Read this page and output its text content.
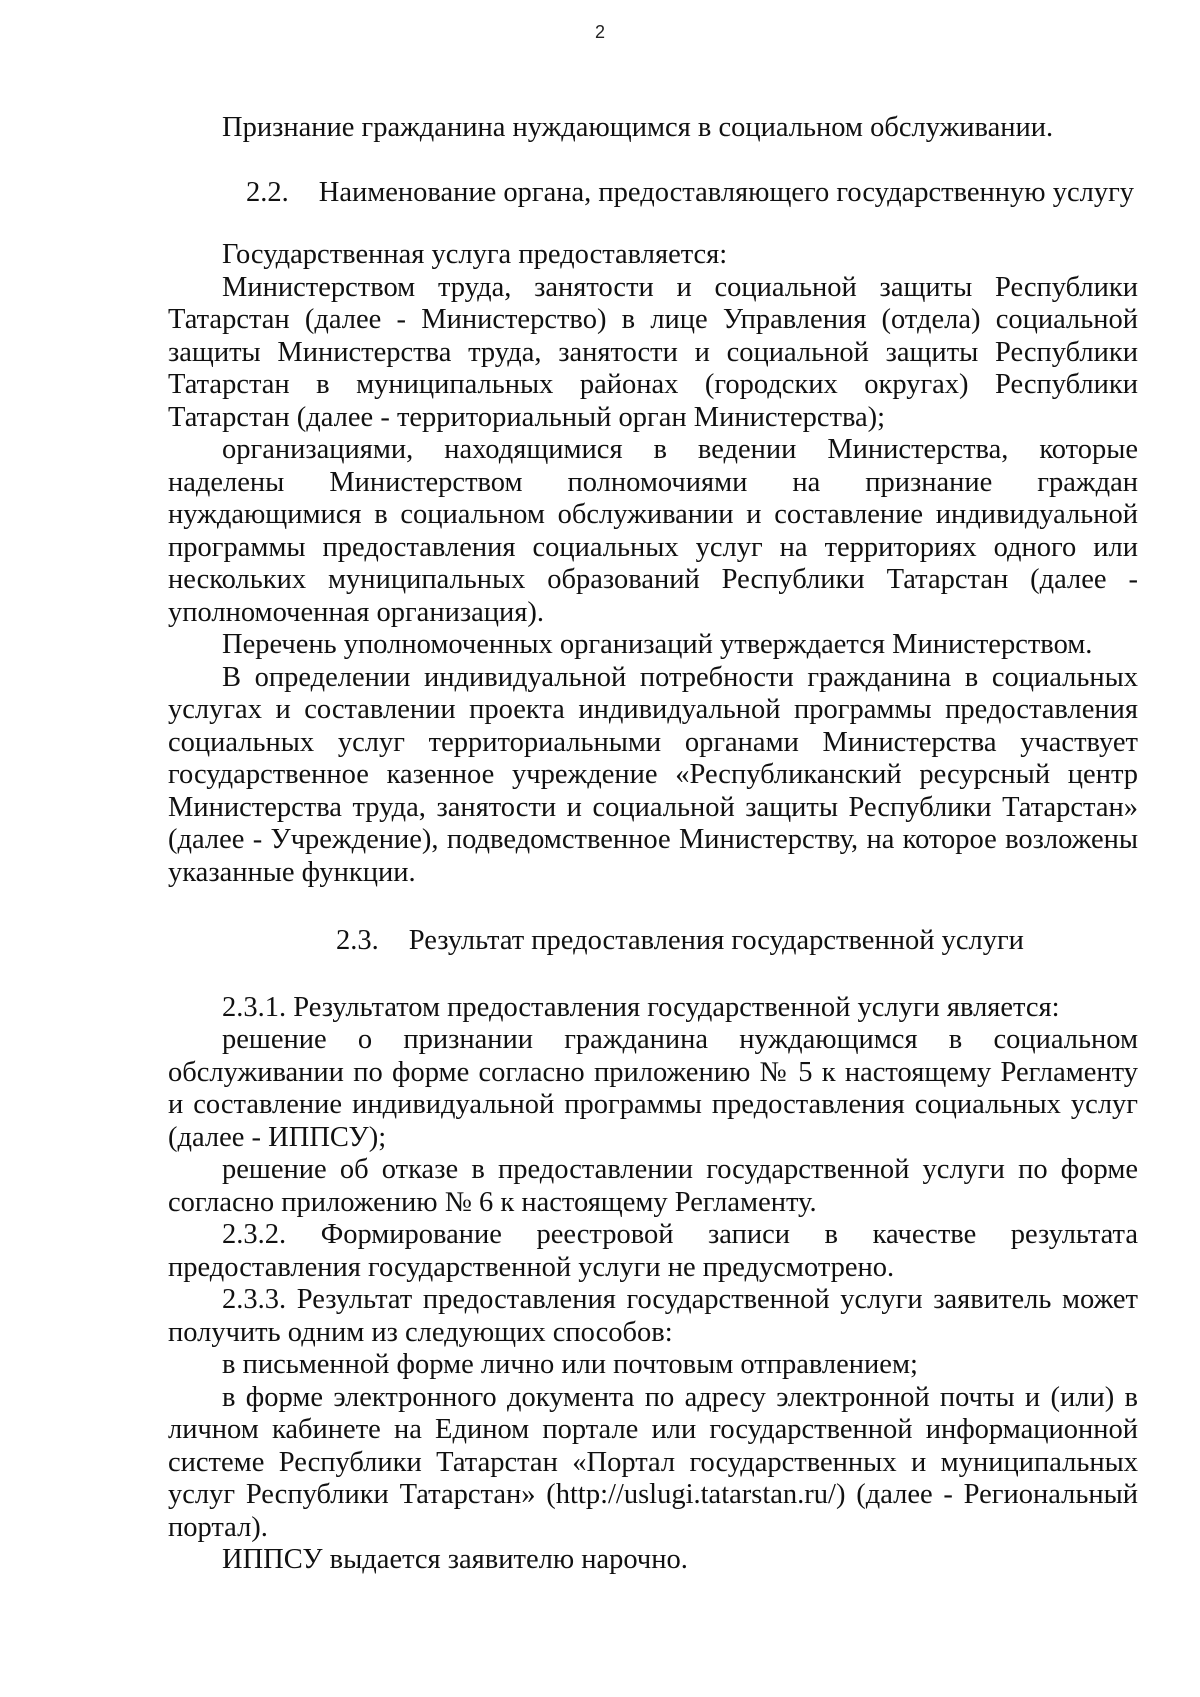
2

Признание гражданина нуждающимся в социальном обслуживании.

2.2. Наименование органа, предоставляющего государственную услугу

Государственная услуга предоставляется:

Министерством труда, занятости и социальной защиты Республики Татарстан (далее - Министерство) в лице Управления (отдела) социальной защиты Министерства труда, занятости и социальной защиты Республики Татарстан в муниципальных районах (городских округах) Республики Татарстан (далее - территориальный орган Министерства);

организациями, находящимися в ведении Министерства, которые наделены Министерством полномочиями на признание граждан нуждающимися в социальном обслуживании и составление индивидуальной программы предоставления социальных услуг на территориях одного или нескольких муниципальных образований Республики Татарстан (далее - уполномоченная организация).

Перечень уполномоченных организаций утверждается Министерством.

В определении индивидуальной потребности гражданина в социальных услугах и составлении проекта индивидуальной программы предоставления социальных услуг территориальными органами Министерства участвует государственное казенное учреждение «Республиканский ресурсный центр Министерства труда, занятости и социальной защиты Республики Татарстан» (далее - Учреждение), подведомственное Министерству, на которое возложены указанные функции.

2.3. Результат предоставления государственной услуги

2.3.1. Результатом предоставления государственной услуги является:

решение о признании гражданина нуждающимся в социальном обслуживании по форме согласно приложению № 5 к настоящему Регламенту и составление индивидуальной программы предоставления социальных услуг (далее - ИППСУ);

решение об отказе в предоставлении государственной услуги по форме согласно приложению № 6 к настоящему Регламенту.

2.3.2. Формирование реестровой записи в качестве результата предоставления государственной услуги не предусмотрено.

2.3.3. Результат предоставления государственной услуги заявитель может получить одним из следующих способов:

в письменной форме лично или почтовым отправлением;

в форме электронного документа по адресу электронной почты и (или) в личном кабинете на Едином портале или государственной информационной системе Республики Татарстан «Портал государственных и муниципальных услуг Республики Татарстан» (http://uslugi.tatarstan.ru/) (далее - Региональный портал).

ИППСУ выдается заявителю нарочно.
